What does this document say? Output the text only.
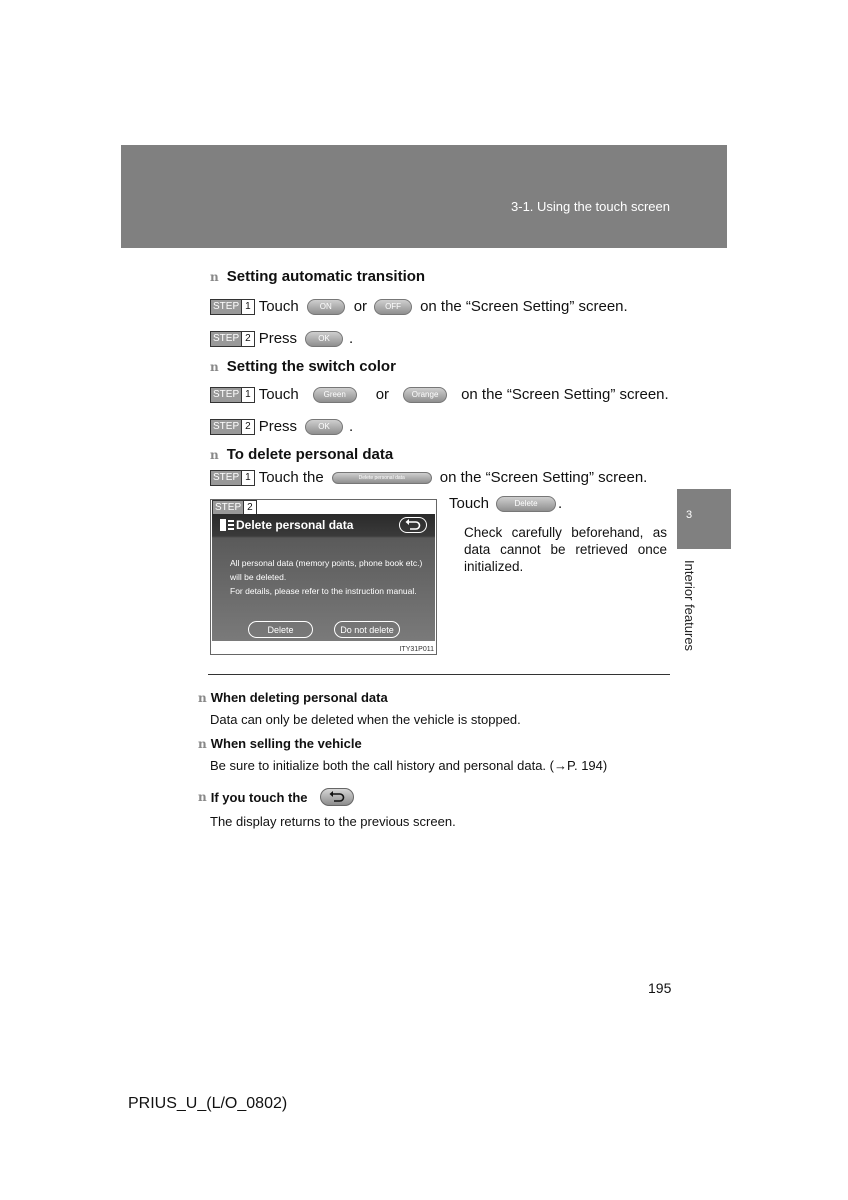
3-1. Using the touch screen
3
Interior features
n Setting automatic transition
STEP 1 Touch	ON	or	OFF	on the “Screen Setting” screen.
STEP 2 Press	OK	.
n Setting the switch color
STEP 1 Touch	Green	or	Orange	on the “Screen Setting” screen.
STEP 2 Press	OK	.
n To delete personal data
STEP 1 Touch the	Delete personal data	on the “Screen Setting” screen.
STEP 2
Delete personal data
All personal data (memory points, phone book etc.)
will be deleted.
For details, please refer to the instruction manual.
Delete	Do not delete
ITY31P011
Touch	Delete	.
Check carefully beforehand, as data cannot be retrieved once initialized.
n When deleting personal data
Data can only be deleted when the vehicle is stopped.
n When selling the vehicle
Be sure to initialize both the call history and personal data. (→P. 194)
n If you touch the
The display returns to the previous screen.
195
PRIUS_U_(L/O_0802)
